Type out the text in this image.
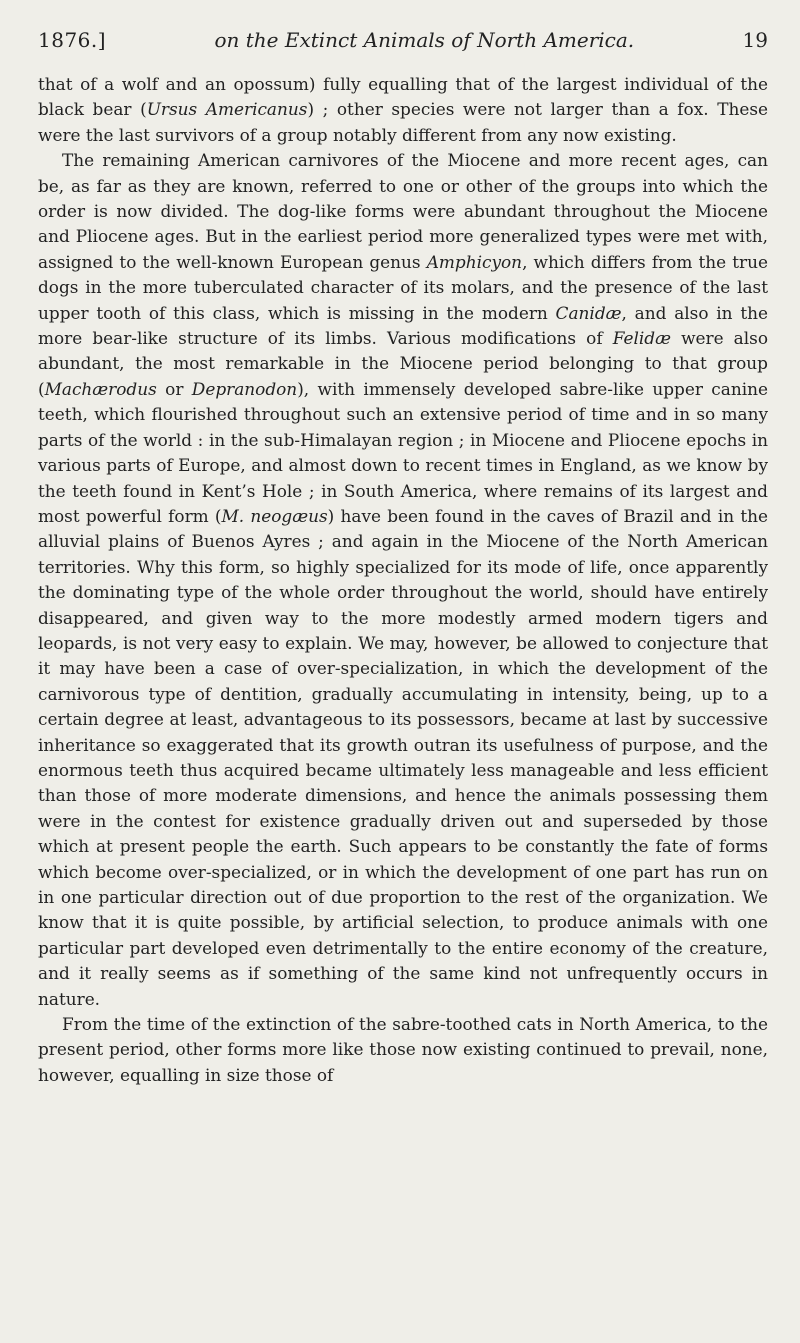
1876.]	on the Extinct Animals of North America.	19

that of a wolf and an opossum) fully equalling that of the largest individual of the black bear (Ursus Americanus) ; other species were not larger than a fox. These were the last survivors of a group notably different from any now existing.

The remaining American carnivores of the Miocene and more recent ages, can be, as far as they are known, referred to one or other of the groups into which the order is now divided. The dog-like forms were abundant throughout the Miocene and Pliocene ages. But in the earliest period more generalized types were met with, assigned to the well-known European genus Amphicyon, which differs from the true dogs in the more tuberculated character of its molars, and the presence of the last upper tooth of this class, which is missing in the modern Canidæ, and also in the more bear-like structure of its limbs. Various modifications of Felidæ were also abundant, the most remarkable in the Miocene period belonging to that group (Machærodus or Depranodon), with immensely developed sabre-like upper canine teeth, which flourished throughout such an extensive period of time and in so many parts of the world : in the sub-Himalayan region ; in Miocene and Pliocene epochs in various parts of Europe, and almost down to recent times in England, as we know by the teeth found in Kent’s Hole ; in South America, where remains of its largest and most powerful form (M. neogæus) have been found in the caves of Brazil and in the alluvial plains of Buenos Ayres ; and again in the Miocene of the North American territories. Why this form, so highly specialized for its mode of life, once apparently the dominating type of the whole order throughout the world, should have entirely disappeared, and given way to the more modestly armed modern tigers and leopards, is not very easy to explain. We may, however, be allowed to conjecture that it may have been a case of over-specialization, in which the development of the carnivorous type of dentition, gradually accumulating in intensity, being, up to a certain degree at least, advantageous to its possessors, became at last by successive inheritance so exaggerated that its growth outran its usefulness of purpose, and the enormous teeth thus acquired became ultimately less manageable and less efficient than those of more moderate dimensions, and hence the animals possessing them were in the contest for existence gradually driven out and superseded by those which at present people the earth. Such appears to be constantly the fate of forms which become over-specialized, or in which the development of one part has run on in one particular direction out of due proportion to the rest of the organization. We know that it is quite possible, by artificial selection, to produce animals with one particular part developed even detrimentally to the entire economy of the creature, and it really seems as if something of the same kind not unfrequently occurs in nature.

From the time of the extinction of the sabre-toothed cats in North America, to the present period, other forms more like those now existing continued to prevail, none, however, equalling in size those of
